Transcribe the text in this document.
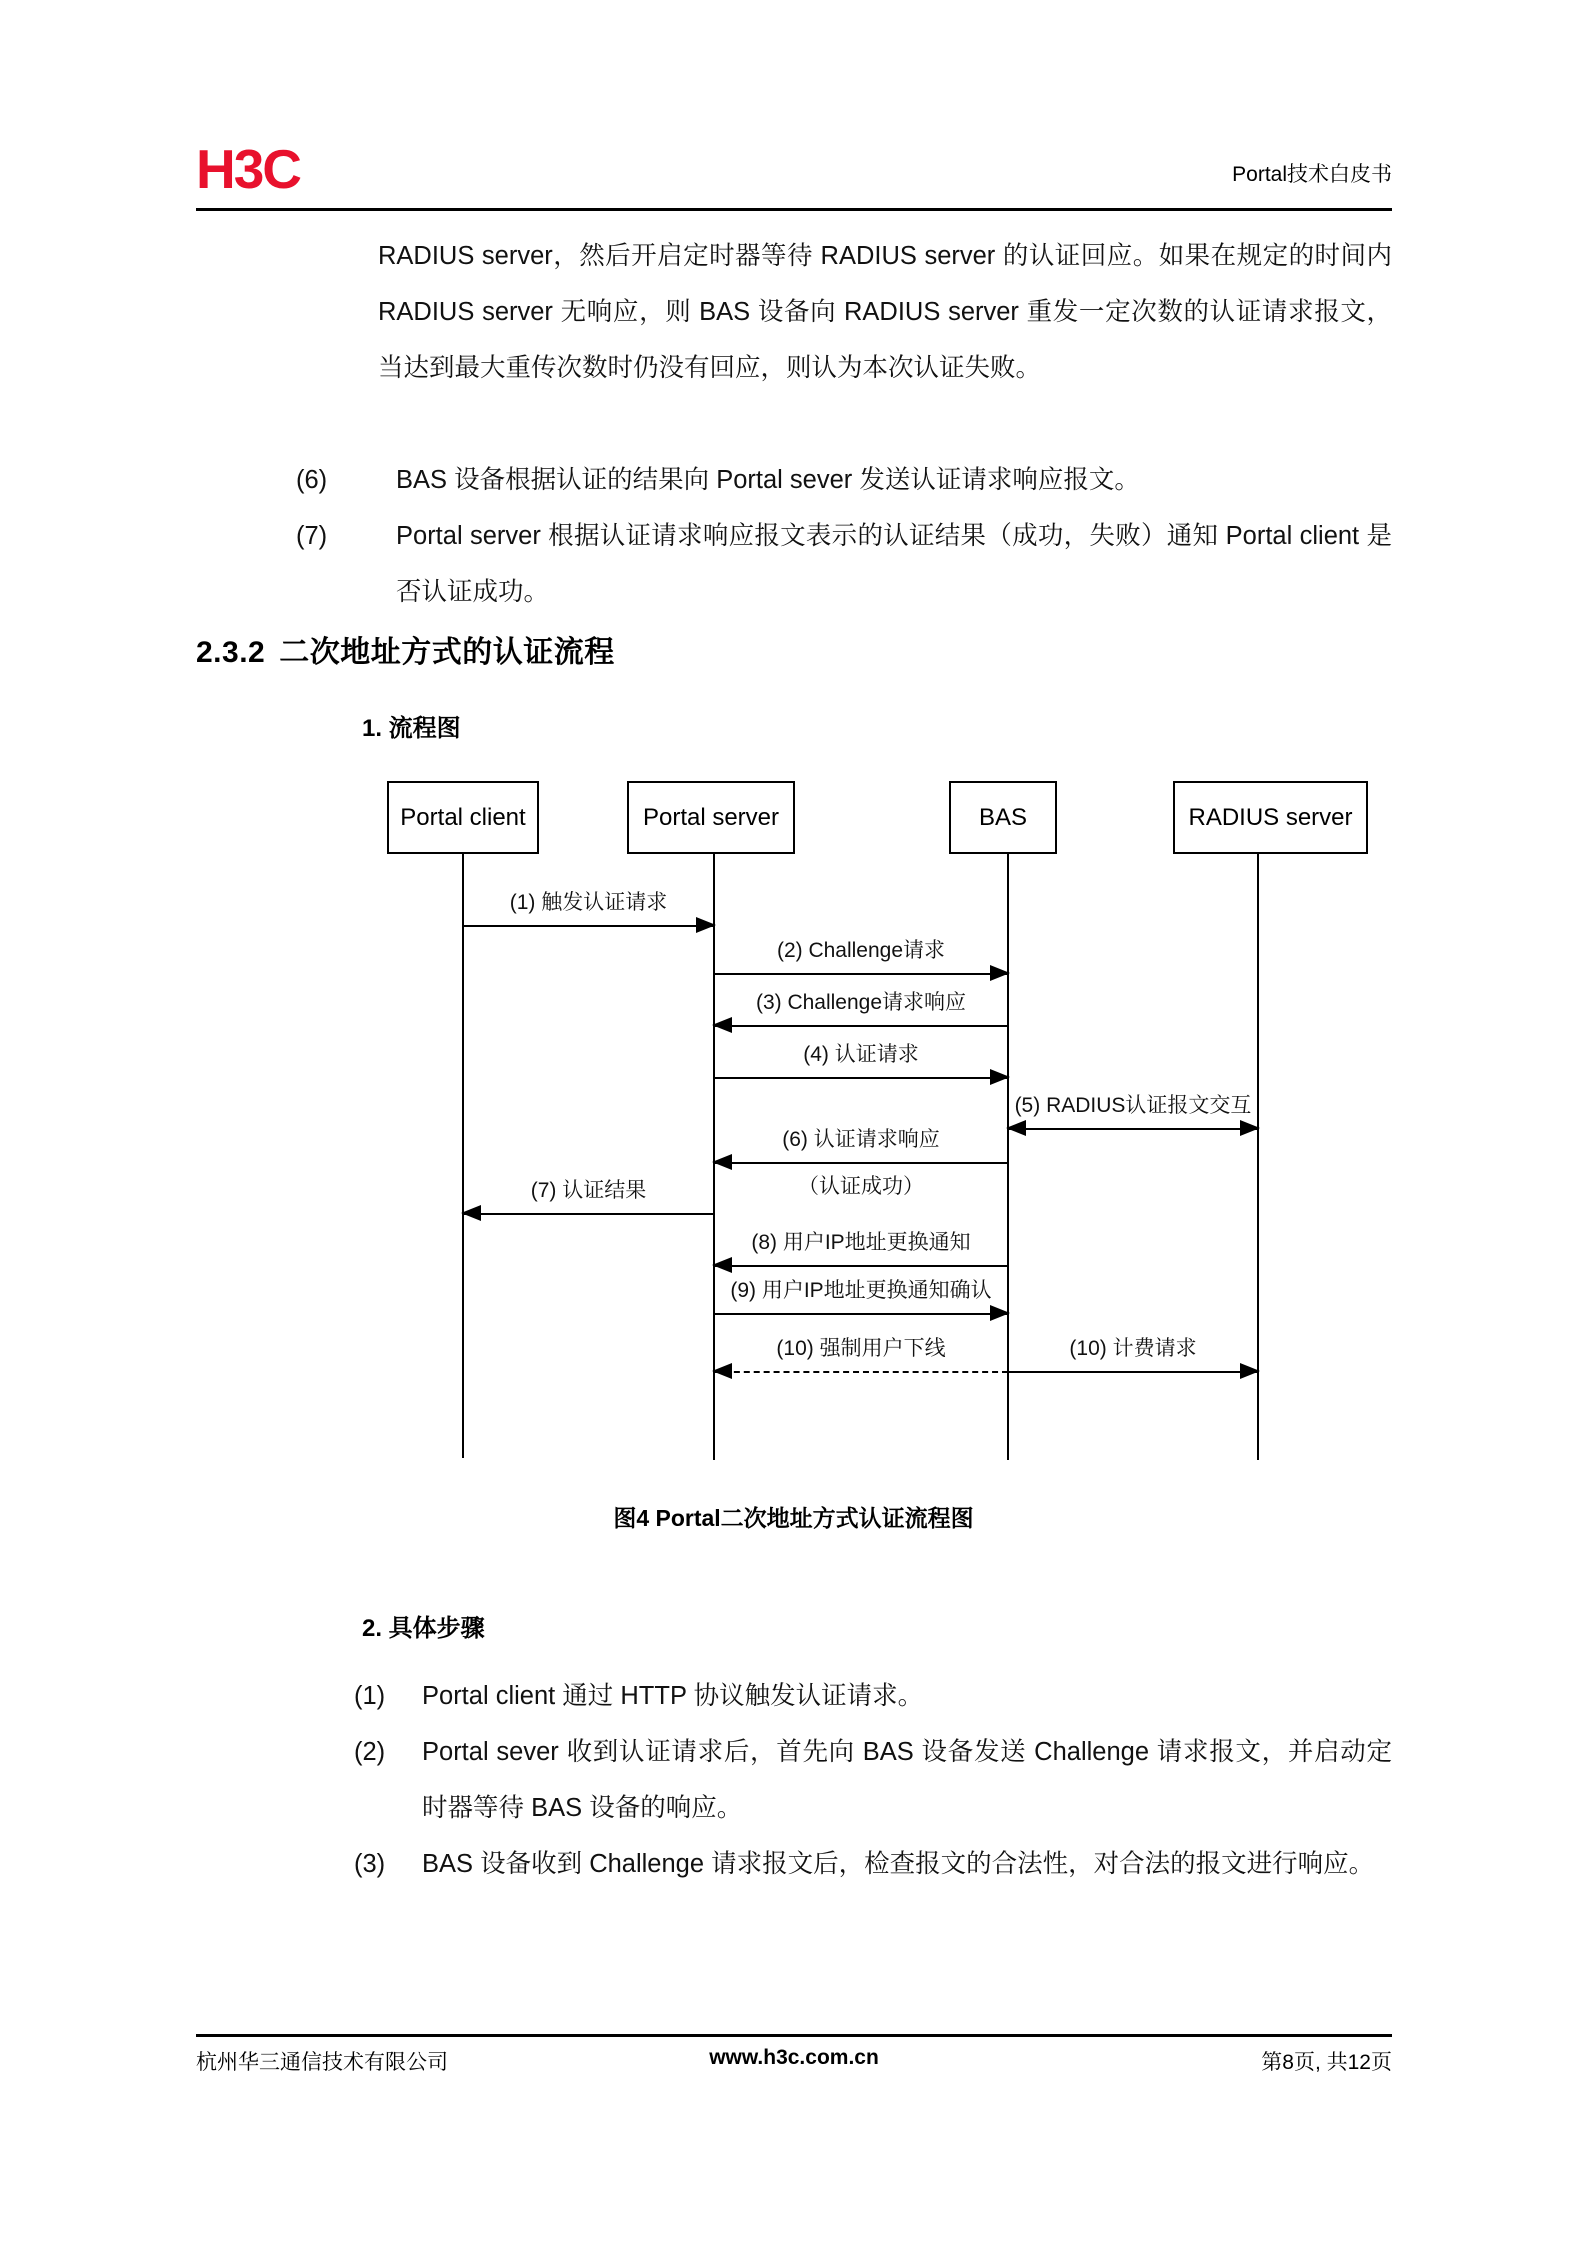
H3C	Portal技术白皮书
RADIUS server，然后开启定时器等待 RADIUS server 的认证回应。如果在规定的时间内 RADIUS server 无响应，则 BAS 设备向 RADIUS server 重发一定次数的认证请求报文，当达到最大重传次数时仍没有回应，则认为本次认证失败。
(6)	BAS 设备根据认证的结果向 Portal sever 发送认证请求响应报文。
(7)	Portal server 根据认证请求响应报文表示的认证结果（成功，失败）通知 Portal client 是否认证成功。
2.3.2 二次地址方式的认证流程
1. 流程图
Portal client	Portal server	BAS	RADIUS server
(1) 触发认证请求
(2) Challenge请求
(3) Challenge请求响应
(4) 认证请求
(5) RADIUS认证报文交互
(6) 认证请求响应
（认证成功）
(7) 认证结果
(8) 用户IP地址更换通知
(9) 用户IP地址更换通知确认
(10) 强制用户下线	(10) 计费请求
图4 Portal二次地址方式认证流程图
2. 具体步骤
(1)	Portal client 通过 HTTP 协议触发认证请求。
(2)	Portal sever 收到认证请求后，首先向 BAS 设备发送 Challenge 请求报文，并启动定时器等待 BAS 设备的响应。
(3)	BAS 设备收到 Challenge 请求报文后，检查报文的合法性，对合法的报文进行响应。
杭州华三通信技术有限公司	www.h3c.com.cn	第8页, 共12页
